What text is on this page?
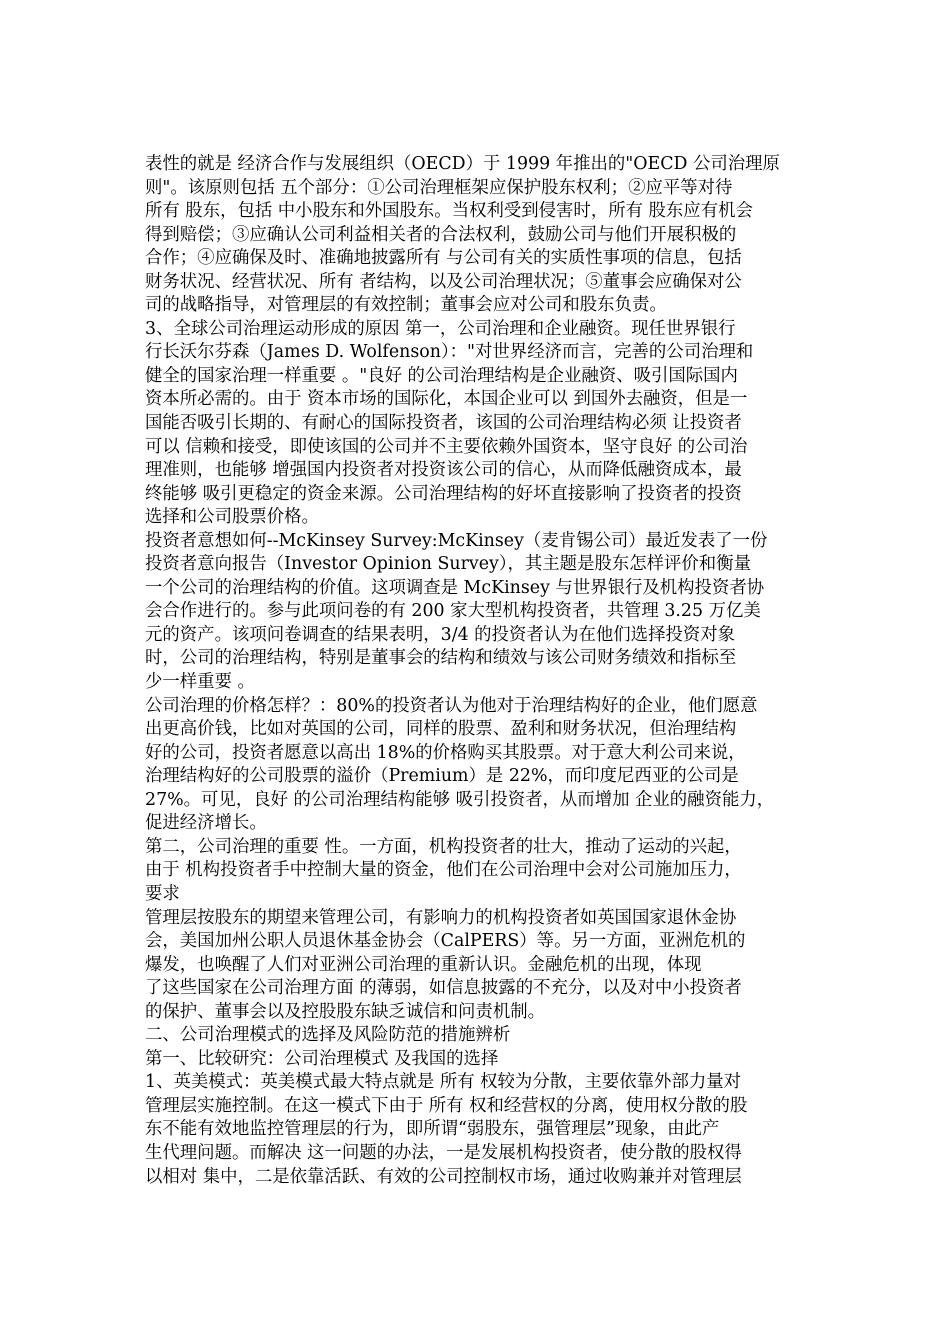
表性的就是 经济合作与发展组织（OECD）于 1999 年推出的"OECD 公司治理原
则"。该原则包括 五个部分：①公司治理框架应保护股东权利；②应平等对待
所有 股东，包括 中小股东和外国股东。当权利受到侵害时，所有 股东应有机会
得到赔偿；③应确认公司利益相关者的合法权利，鼓励公司与他们开展积极的
合作；④应确保及时、准确地披露所有 与公司有关的实质性事项的信息，包括
财务状况、经营状况、所有 者结构，以及公司治理状况；⑤董事会应确保对公
司的战略指导，对管理层的有效控制；董事会应对公司和股东负责。
3、全球公司治理运动形成的原因 第一，公司治理和企业融资。现任世界银行
行长沃尔芬森（James D. Wolfenson）："对世界经济而言，完善的公司治理和
健全的国家治理一样重要 。"良好 的公司治理结构是企业融资、吸引国际国内
资本所必需的。由于 资本市场的国际化，本国企业可以 到国外去融资，但是一
国能否吸引长期的、有耐心的国际投资者，该国的公司治理结构必须 让投资者
可以 信赖和接受，即使该国的公司并不主要依赖外国资本，坚守良好 的公司治
理准则，也能够 增强国内投资者对投资该公司的信心，从而降低融资成本，最
终能够 吸引更稳定的资金来源。公司治理结构的好坏直接影响了投资者的投资
选择和公司股票价格。
投资者意想如何--McKinsey Survey:McKinsey（麦肯锡公司）最近发表了一份
投资者意向报告（Investor Opinion Survey），其主题是股东怎样评价和衡量
一个公司的治理结构的价值。这项调查是 McKinsey 与世界银行及机构投资者协
会合作进行的。参与此项问卷的有 200 家大型机构投资者，共管理 3.25 万亿美
元的资产。该项问卷调查的结果表明，3/4 的投资者认为在他们选择投资对象
时，公司的治理结构，特别是董事会的结构和绩效与该公司财务绩效和指标至
少一样重要 。
公司治理的价格怎样？：80%的投资者认为他对于治理结构好的企业，他们愿意
出更高价钱，比如对英国的公司，同样的股票、盈利和财务状况，但治理结构
好的公司，投资者愿意以高出 18%的价格购买其股票。对于意大利公司来说，
治理结构好的公司股票的溢价（Premium）是 22%，而印度尼西亚的公司是
27%。可见，良好 的公司治理结构能够 吸引投资者，从而增加 企业的融资能力，
促进经济增长。
第二，公司治理的重要 性。一方面，机构投资者的壮大，推动了运动的兴起，
由于 机构投资者手中控制大量的资金，他们在公司治理中会对公司施加压力，
要求
管理层按股东的期望来管理公司，有影响力的机构投资者如英国国家退休金协
会，美国加州公职人员退休基金协会（CalPERS）等。另一方面，亚洲危机的
爆发，也唤醒了人们对亚洲公司治理的重新认识。金融危机的出现，体现
了这些国家在公司治理方面 的薄弱，如信息披露的不充分，以及对中小投资者
的保护、董事会以及控股股东缺乏诚信和问责机制。
二、公司治理模式的选择及风险防范的措施辨析
第一、比较研究：公司治理模式 及我国的选择
1、英美模式：英美模式最大特点就是 所有 权较为分散，主要依靠外部力量对
管理层实施控制。在这一模式下由于 所有 权和经营权的分离，使用权分散的股
东不能有效地监控管理层的行为，即所谓“弱股东，强管理层”现象，由此产
生代理问题。而解决 这一问题的办法，一是发展机构投资者，使分散的股权得
以相对 集中，二是依靠活跃、有效的公司控制权市场，通过收购兼并对管理层
